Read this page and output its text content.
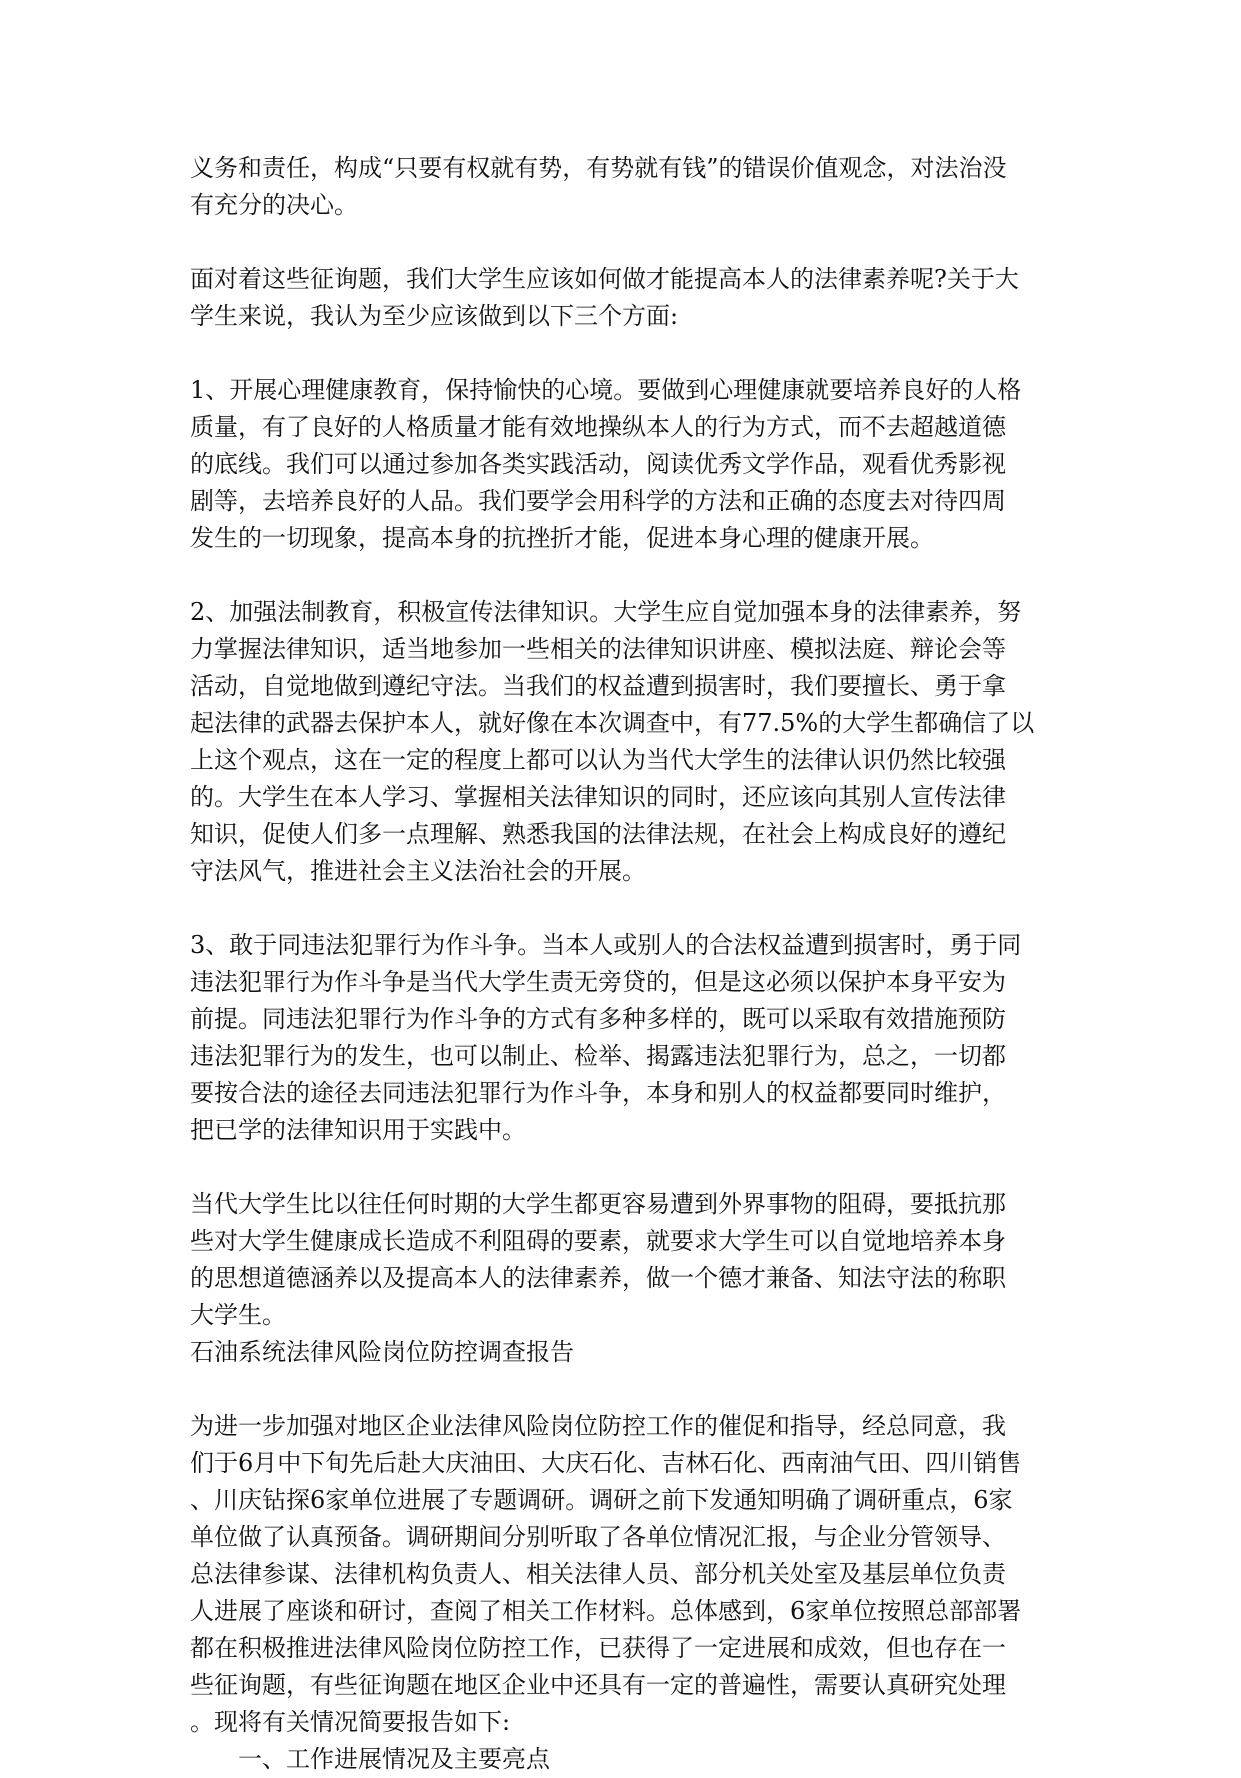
义务和责任，构成“只要有权就有势，有势就有钱”的错误价值观念，对法治没
有充分的决心。

面对着这些征询题，我们大学生应该如何做才能提高本人的法律素养呢?关于大
学生来说，我认为至少应该做到以下三个方面:

1、开展心理健康教育，保持愉快的心境。要做到心理健康就要培养良好的人格
质量，有了良好的人格质量才能有效地操纵本人的行为方式，而不去超越道德
的底线。我们可以通过参加各类实践活动，阅读优秀文学作品，观看优秀影视
剧等，去培养良好的人品。我们要学会用科学的方法和正确的态度去对待四周
发生的一切现象，提高本身的抗挫折才能，促进本身心理的健康开展。

2、加强法制教育，积极宣传法律知识。大学生应自觉加强本身的法律素养，努
力掌握法律知识，适当地参加一些相关的法律知识讲座、模拟法庭、辩论会等
活动，自觉地做到遵纪守法。当我们的权益遭到损害时，我们要擅长、勇于拿
起法律的武器去保护本人，就好像在本次调查中，有77.5%的大学生都确信了以
上这个观点，这在一定的程度上都可以认为当代大学生的法律认识仍然比较强
的。大学生在本人学习、掌握相关法律知识的同时，还应该向其别人宣传法律
知识，促使人们多一点理解、熟悉我国的法律法规，在社会上构成良好的遵纪
守法风气，推进社会主义法治社会的开展。

3、敢于同违法犯罪行为作斗争。当本人或别人的合法权益遭到损害时，勇于同
违法犯罪行为作斗争是当代大学生责无旁贷的，但是这必须以保护本身平安为
前提。同违法犯罪行为作斗争的方式有多种多样的，既可以采取有效措施预防
违法犯罪行为的发生，也可以制止、检举、揭露违法犯罪行为，总之，一切都
要按合法的途径去同违法犯罪行为作斗争，本身和别人的权益都要同时维护，
把已学的法律知识用于实践中。

当代大学生比以往任何时期的大学生都更容易遭到外界事物的阻碍，要抵抗那
些对大学生健康成长造成不利阻碍的要素，就要求大学生可以自觉地培养本身
的思想道德涵养以及提高本人的法律素养，做一个德才兼备、知法守法的称职
大学生。

石油系统法律风险岗位防控调查报告

为进一步加强对地区企业法律风险岗位防控工作的催促和指导，经总同意，我
们于6月中下旬先后赴大庆油田、大庆石化、吉林石化、西南油气田、四川销售
、川庆钻探6家单位进展了专题调研。调研之前下发通知明确了调研重点，6家
单位做了认真预备。调研期间分别听取了各单位情况汇报，与企业分管领导、
总法律参谋、法律机构负责人、相关法律人员、部分机关处室及基层单位负责
人进展了座谈和研讨，查阅了相关工作材料。总体感到，6家单位按照总部部署
都在积极推进法律风险岗位防控工作，已获得了一定进展和成效，但也存在一
些征询题，有些征询题在地区企业中还具有一定的普遍性，需要认真研究处理
。现将有关情况简要报告如下:

一、工作进展情况及主要亮点
